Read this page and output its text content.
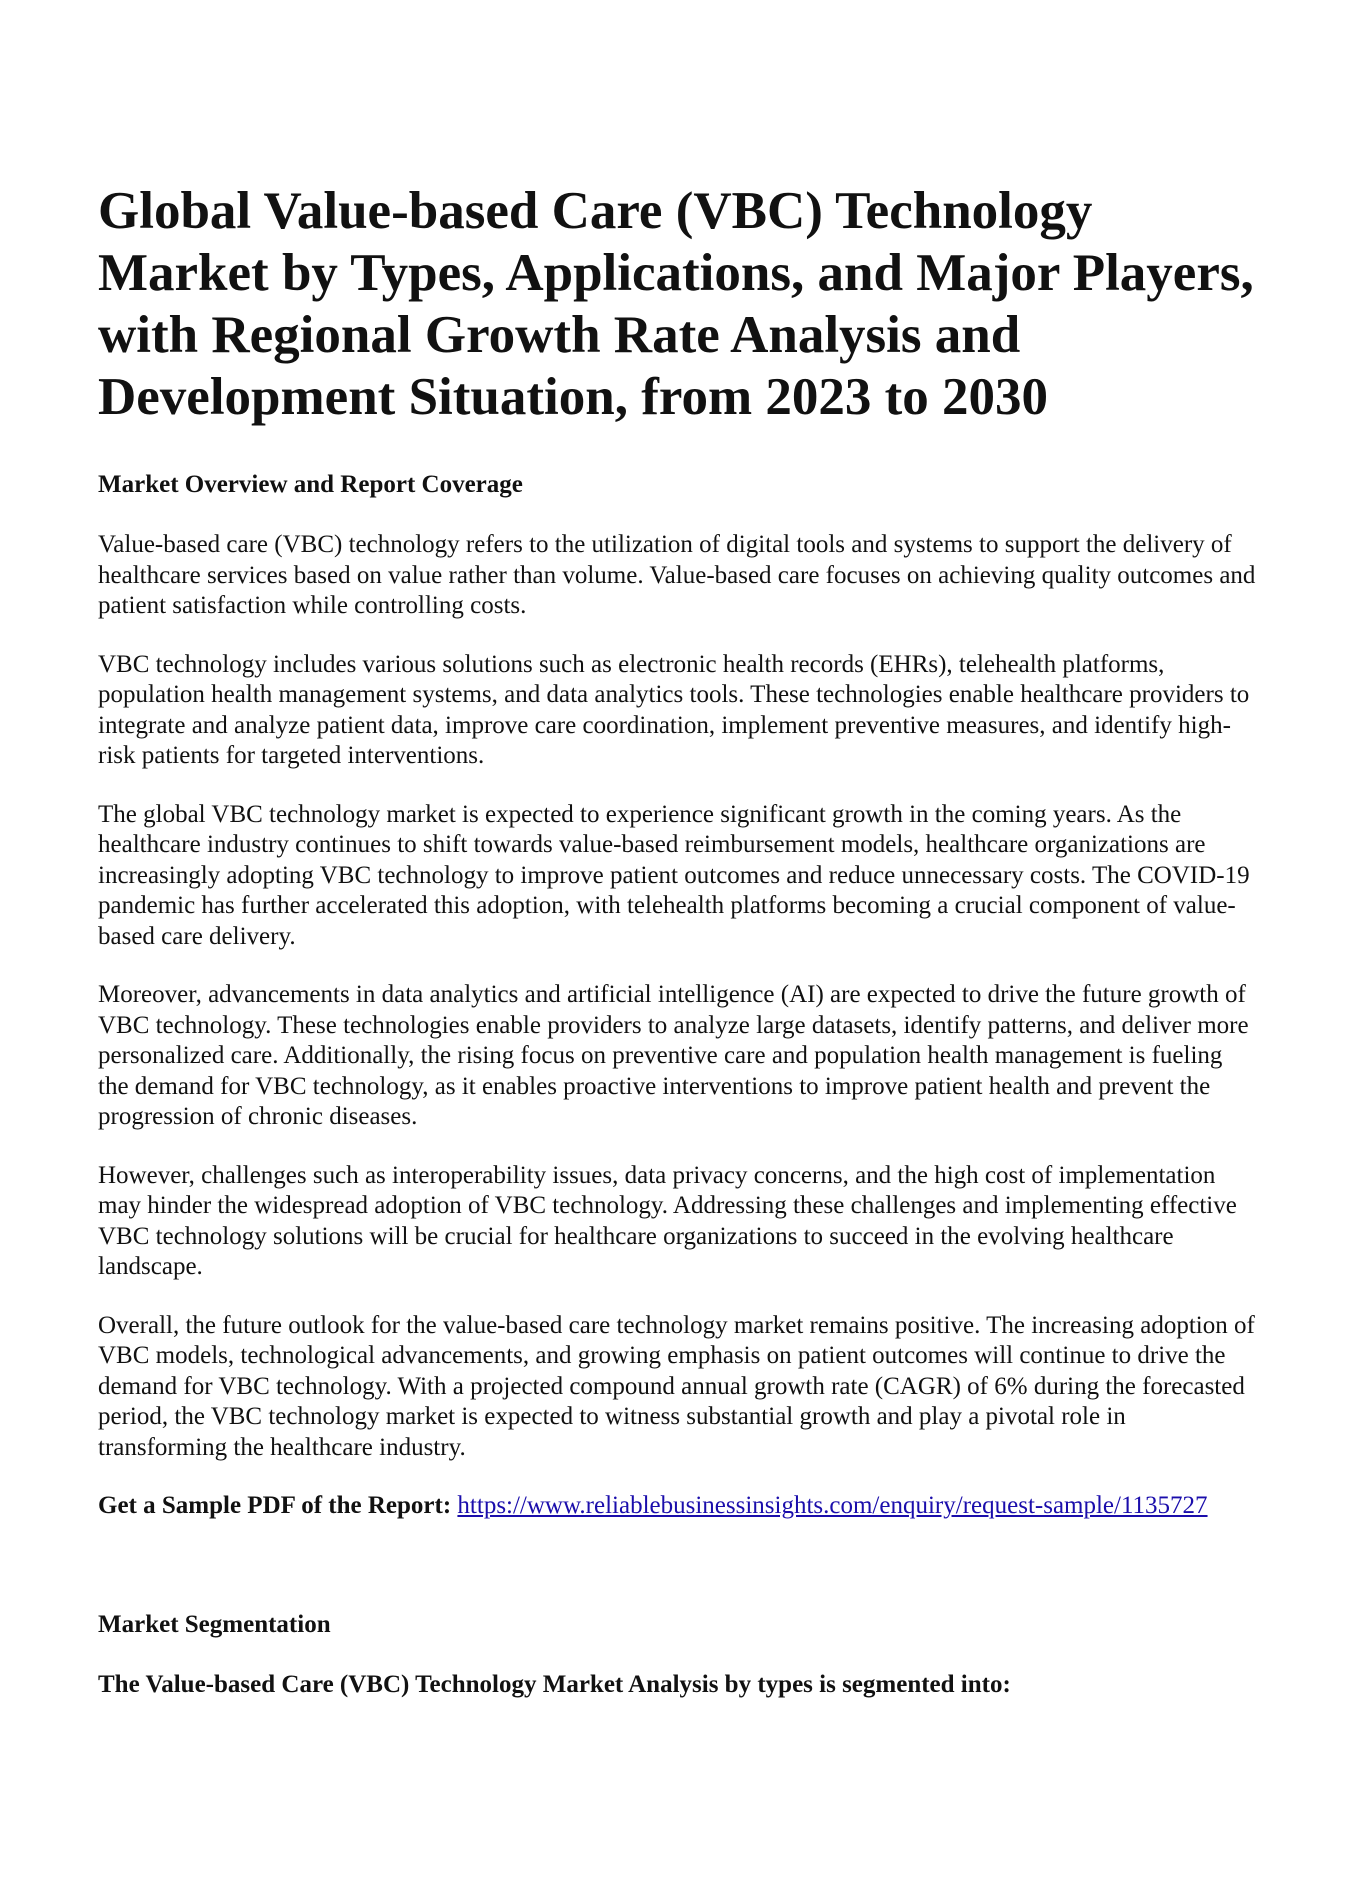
Global Value-based Care (VBC) Technology Market by Types, Applications, and Major Players, with Regional Growth Rate Analysis and Development Situation, from 2023 to 2030
Market Overview and Report Coverage

Value-based care (VBC) technology refers to the utilization of digital tools and systems to support the delivery of healthcare services based on value rather than volume. Value-based care focuses on achieving quality outcomes and patient satisfaction while controlling costs.

VBC technology includes various solutions such as electronic health records (EHRs), telehealth platforms, population health management systems, and data analytics tools. These technologies enable healthcare providers to integrate and analyze patient data, improve care coordination, implement preventive measures, and identify high-risk patients for targeted interventions.

The global VBC technology market is expected to experience significant growth in the coming years. As the healthcare industry continues to shift towards value-based reimbursement models, healthcare organizations are increasingly adopting VBC technology to improve patient outcomes and reduce unnecessary costs. The COVID-19 pandemic has further accelerated this adoption, with telehealth platforms becoming a crucial component of value-based care delivery.

Moreover, advancements in data analytics and artificial intelligence (AI) are expected to drive the future growth of VBC technology. These technologies enable providers to analyze large datasets, identify patterns, and deliver more personalized care. Additionally, the rising focus on preventive care and population health management is fueling the demand for VBC technology, as it enables proactive interventions to improve patient health and prevent the progression of chronic diseases.

However, challenges such as interoperability issues, data privacy concerns, and the high cost of implementation may hinder the widespread adoption of VBC technology. Addressing these challenges and implementing effective VBC technology solutions will be crucial for healthcare organizations to succeed in the evolving healthcare landscape.

Overall, the future outlook for the value-based care technology market remains positive. The increasing adoption of VBC models, technological advancements, and growing emphasis on patient outcomes will continue to drive the demand for VBC technology. With a projected compound annual growth rate (CAGR) of 6% during the forecasted period, the VBC technology market is expected to witness substantial growth and play a pivotal role in transforming the healthcare industry.

Get a Sample PDF of the Report: https://www.reliablebusinessinsights.com/enquiry/request-sample/1135727

Market Segmentation
The Value-based Care (VBC) Technology Market Analysis by types is segmented into:
